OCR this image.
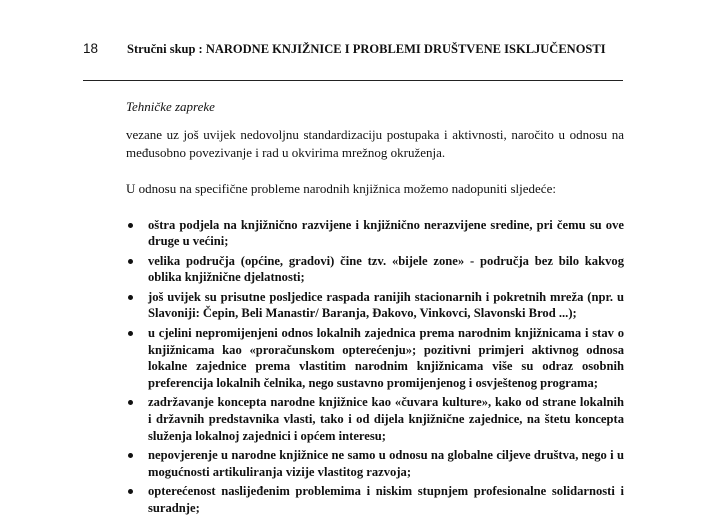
18 Stručni skup : NARODNE KNJIŽNICE I PROBLEMI DRUŠTVENE ISKLJUČENOSTI

Tehničke zapreke

vezane uz još uvijek nedovoljnu standardizaciju postupaka i aktivnosti, naročito u odnosu na međusobno povezivanje i rad u okvirima mrežnog okruženja.

U odnosu na specifične probleme narodnih knjižnica možemo nadopuniti sljedeće:

oštra podjela na knjižnično razvijene i knjižnično nerazvijene sredine, pri čemu su ove druge u većini;
velika područja (općine, gradovi) čine tzv. «bijele zone» - područja bez bilo kakvog oblika knjižnične djelatnosti;
još uvijek su prisutne posljedice raspada ranijih stacionarnih i pokretnih mreža (npr. u Slavoniji: Čepin, Beli Manastir/ Baranja, Đakovo, Vinkovci, Slavonski Brod ...);
u cjelini nepromijenjeni odnos lokalnih zajednica prema narodnim knjižnicama i stav o knjižnicama kao «proračunskom opterećenju»; pozitivni primjeri aktivnog odnosa lokalne zajednice prema vlastitim narodnim knjižnicama više su odraz osobnih preferencija lokalnih čelnika, nego sustavno promijenjenog i osvještenog programa;
zadržavanje koncepta narodne knjižnice kao «čuvara kulture», kako od strane lokalnih i državnih predstavnika vlasti, tako i od dijela knjižnične zajednice, na štetu koncepta služenja lokalnoj zajednici i općem interesu;
nepovjerenje u narodne knjižnice ne samo u odnosu na globalne ciljeve društva, nego i u mogućnosti artikuliranja vizije vlastitog razvoja;
opterećenost naslijeđenim problemima i niskim stupnjem profesionalne solidarnosti i suradnje;
